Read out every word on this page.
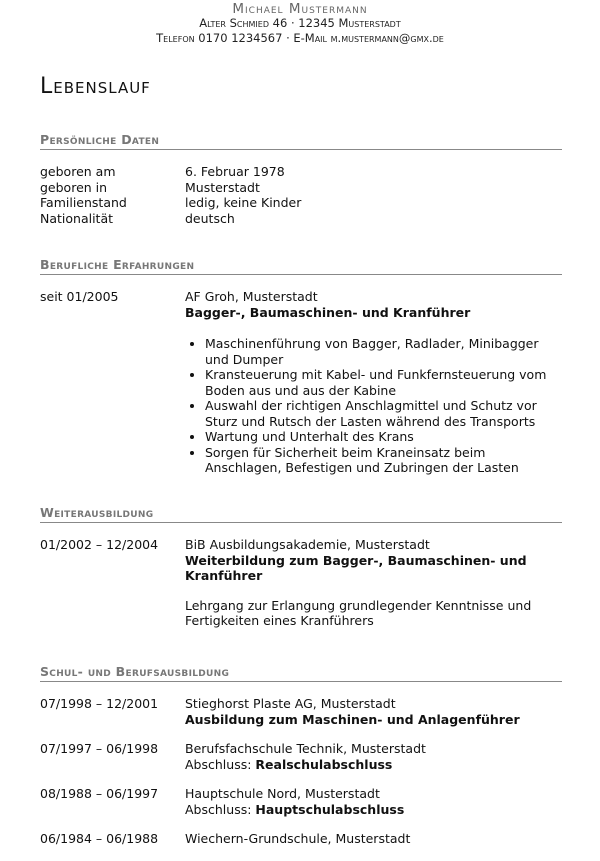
Michael Mustermann
Alter Schmied 46 · 12345 Musterstadt
Telefon 0170 1234567 · E-Mail m.mustermann@gmx.de
Lebenslauf
Persönliche Daten
geboren am	6. Februar 1978
geboren in	Musterstadt
Familienstand	ledig, keine Kinder
Nationalität	deutsch
Berufliche Erfahrungen
seit 01/2005	AF Groh, Musterstadt
Bagger-, Baumaschinen- und Kranführer
• Maschinenführung von Bagger, Radlader, Minibagger und Dumper
• Kransteuerung mit Kabel- und Funkfernsteuerung vom Boden aus und aus der Kabine
• Auswahl der richtigen Anschlagmittel und Schutz vor Sturz und Rutsch der Lasten während des Transports
• Wartung und Unterhalt des Krans
• Sorgen für Sicherheit beim Kraneinsatz beim Anschlagen, Befestigen und Zubringen der Lasten
Weiterausbildung
01/2002 – 12/2004	BiB Ausbildungsakademie, Musterstadt
Weiterbildung zum Bagger-, Baumaschinen- und Kranführer
Lehrgang zur Erlangung grundlegender Kenntnisse und Fertigkeiten eines Kranführers
Schul- und Berufsausbildung
07/1998 – 12/2001	Stieghorst Plaste AG, Musterstadt
Ausbildung zum Maschinen- und Anlagenführer
07/1997 – 06/1998	Berufsfachschule Technik, Musterstadt
Abschluss: Realschulabschluss
08/1988 – 06/1997	Hauptschule Nord, Musterstadt
Abschluss: Hauptschulabschluss
06/1984 – 06/1988	Wiechern-Grundschule, Musterstadt
